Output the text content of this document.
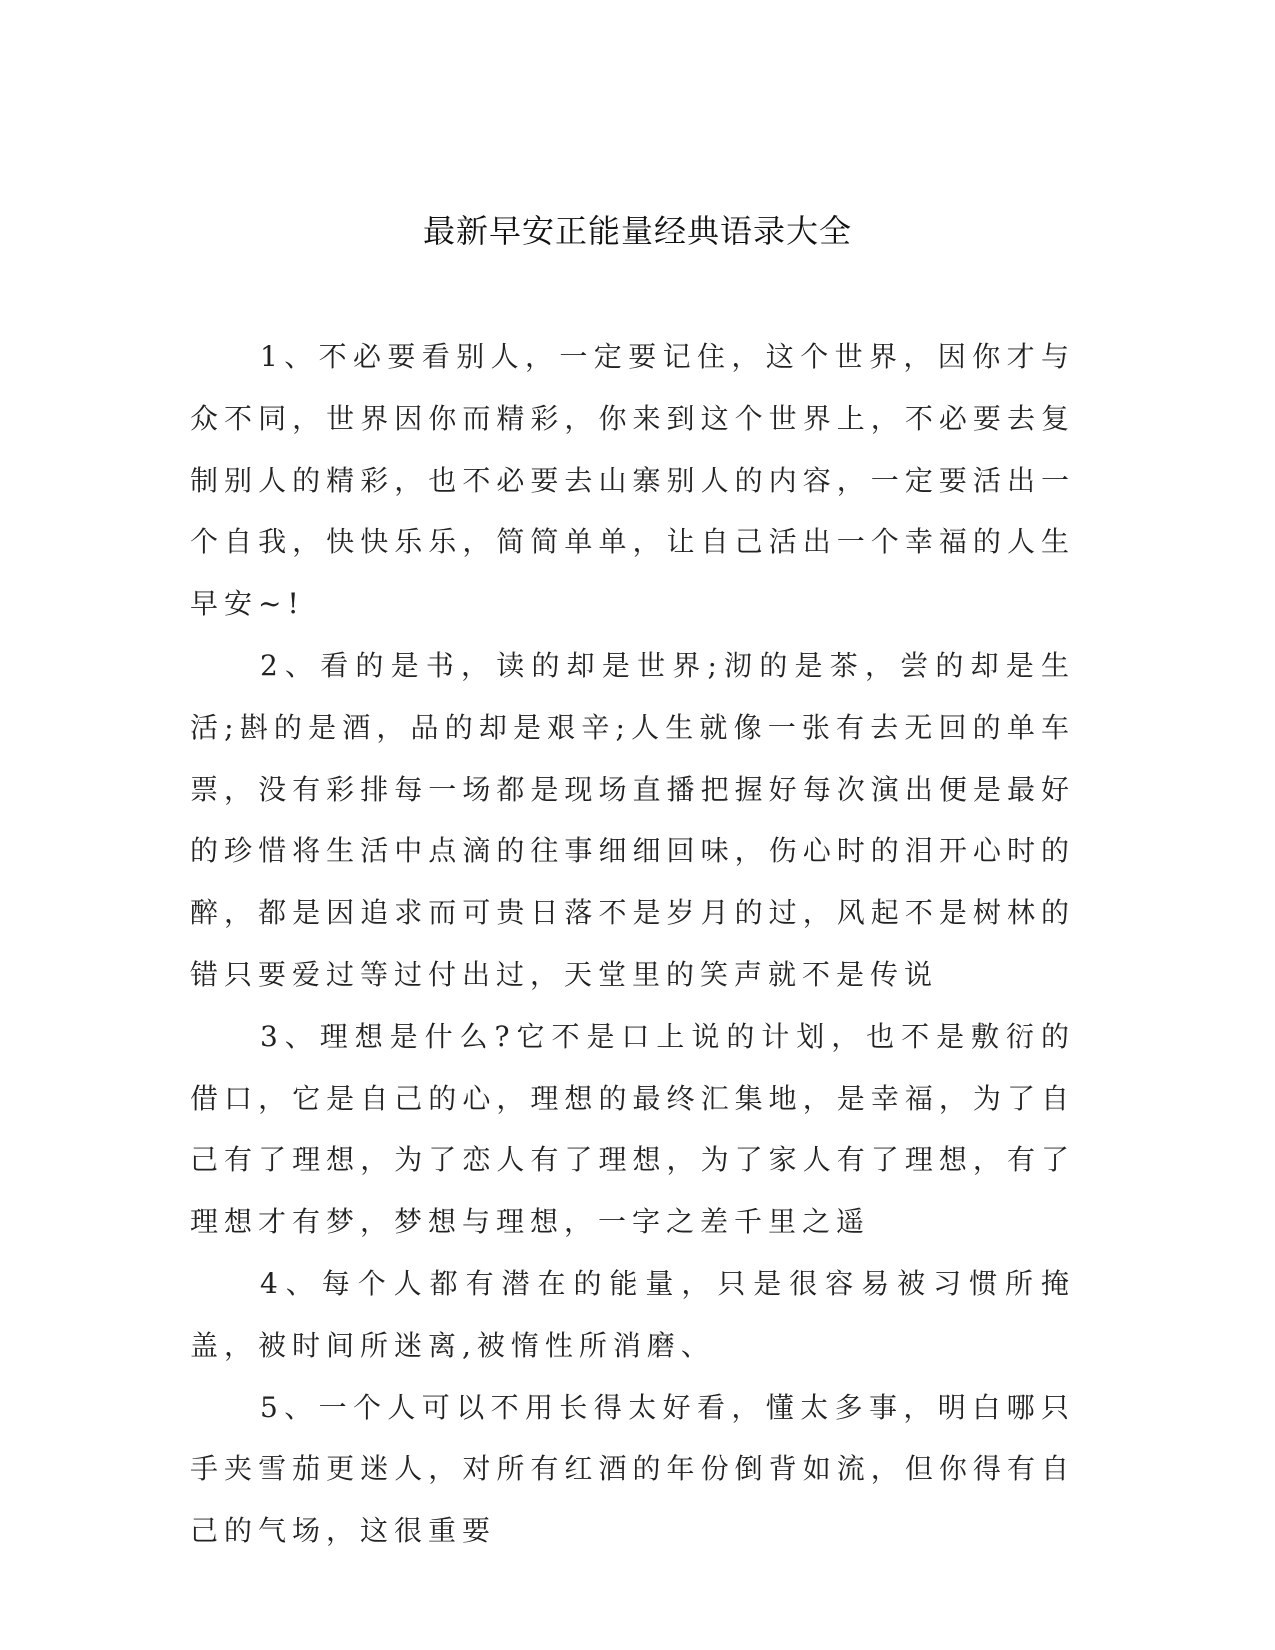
最新早安正能量经典语录大全

1、不必要看别人，一定要记住，这个世界，因你才与众不同，世界因你而精彩，你来到这个世界上，不必要去复制别人的精彩，也不必要去山寨别人的内容，一定要活出一个自我，快快乐乐，简简单单，让自己活出一个幸福的人生早安~!

2、看的是书，读的却是世界;沏的是茶，尝的却是生活;斟的是酒，品的却是艰辛;人生就像一张有去无回的单车票，没有彩排每一场都是现场直播把握好每次演出便是最好的珍惜将生活中点滴的往事细细回味，伤心时的泪开心时的醉，都是因追求而可贵日落不是岁月的过，风起不是树林的错只要爱过等过付出过，天堂里的笑声就不是传说

3、理想是什么?它不是口上说的计划，也不是敷衍的借口，它是自己的心，理想的最终汇集地，是幸福，为了自己有了理想，为了恋人有了理想，为了家人有了理想，有了理想才有梦，梦想与理想，一字之差千里之遥

4、每个人都有潜在的能量，只是很容易被习惯所掩盖，被时间所迷离,被惰性所消磨、

5、一个人可以不用长得太好看，懂太多事，明白哪只手夹雪茄更迷人，对所有红酒的年份倒背如流，但你得有自己的气场，这很重要
